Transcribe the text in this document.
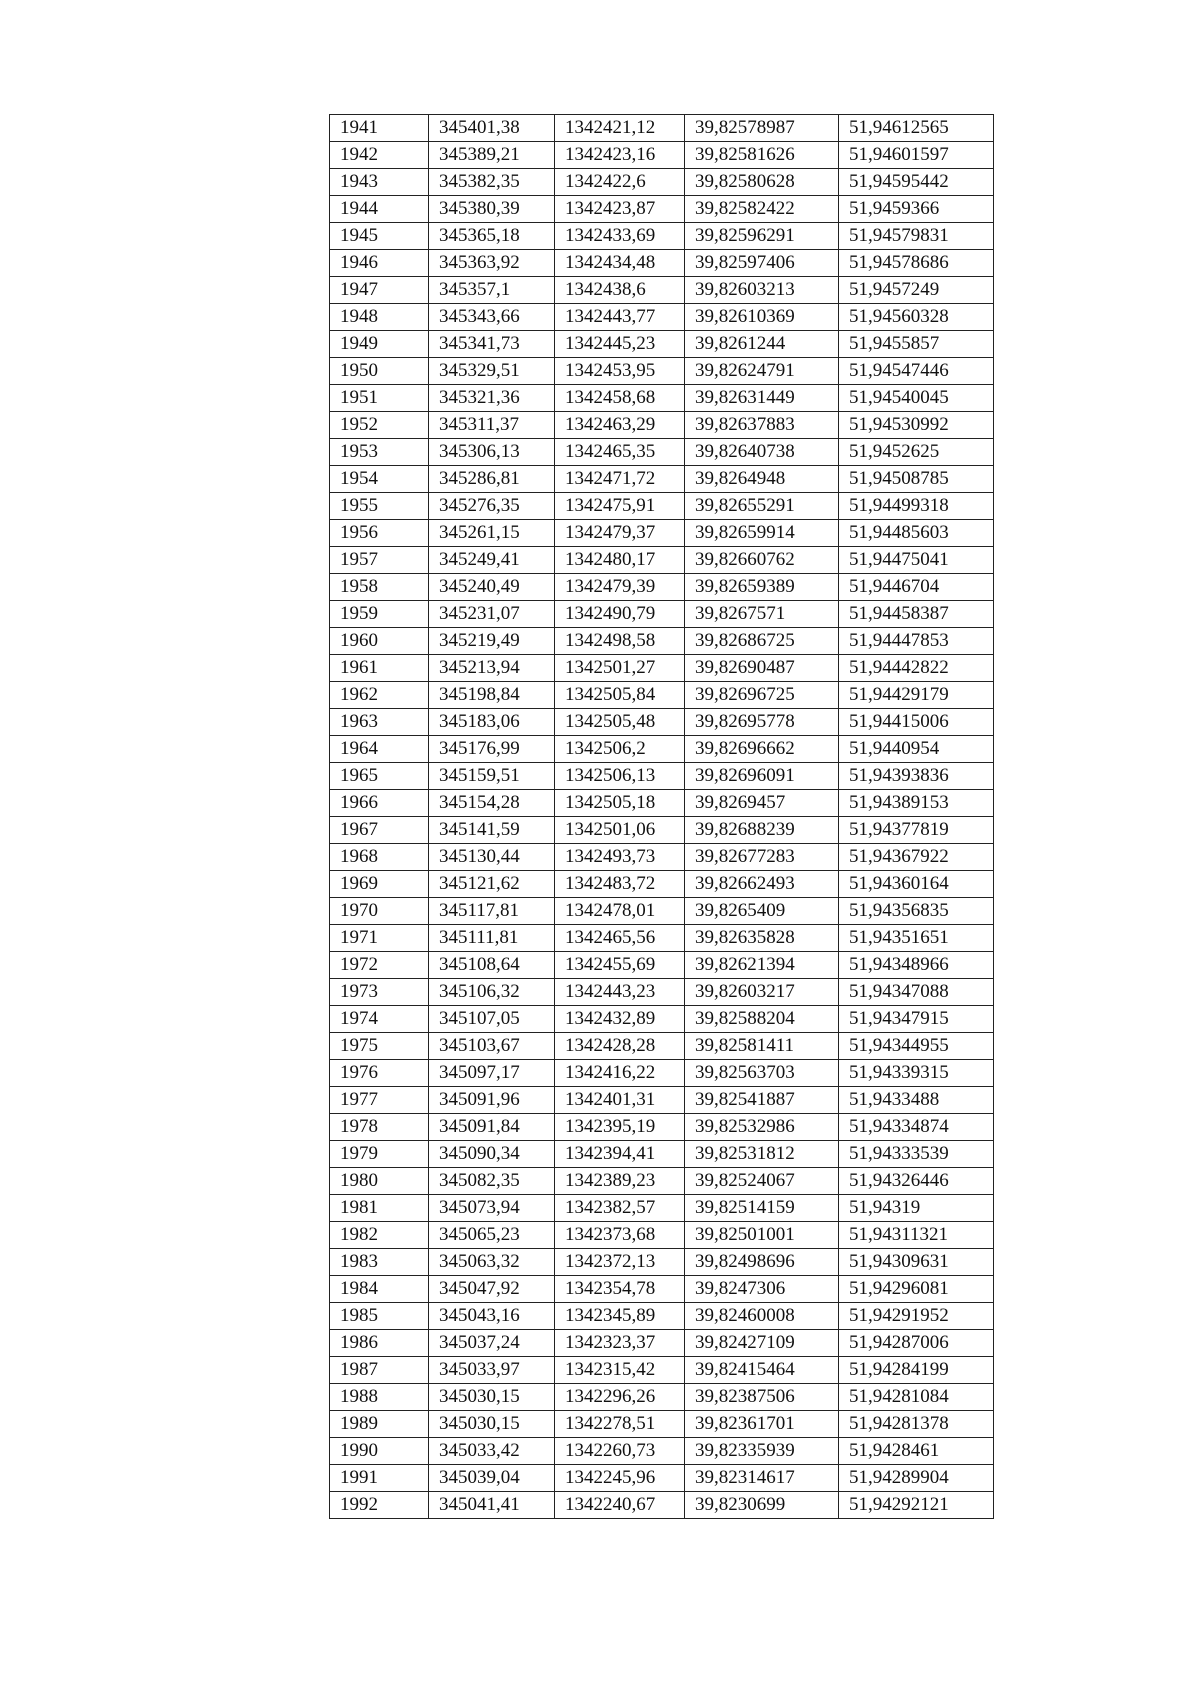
1941	345401,38	1342421,12	39,82578987	51,94612565
1942	345389,21	1342423,16	39,82581626	51,94601597
1943	345382,35	1342422,6	39,82580628	51,94595442
1944	345380,39	1342423,87	39,82582422	51,9459366
1945	345365,18	1342433,69	39,82596291	51,94579831
1946	345363,92	1342434,48	39,82597406	51,94578686
1947	345357,1	1342438,6	39,82603213	51,9457249
1948	345343,66	1342443,77	39,82610369	51,94560328
1949	345341,73	1342445,23	39,8261244	51,9455857
1950	345329,51	1342453,95	39,82624791	51,94547446
1951	345321,36	1342458,68	39,82631449	51,94540045
1952	345311,37	1342463,29	39,82637883	51,94530992
1953	345306,13	1342465,35	39,82640738	51,9452625
1954	345286,81	1342471,72	39,8264948	51,94508785
1955	345276,35	1342475,91	39,82655291	51,94499318
1956	345261,15	1342479,37	39,82659914	51,94485603
1957	345249,41	1342480,17	39,82660762	51,94475041
1958	345240,49	1342479,39	39,82659389	51,9446704
1959	345231,07	1342490,79	39,8267571	51,94458387
1960	345219,49	1342498,58	39,82686725	51,94447853
1961	345213,94	1342501,27	39,82690487	51,94442822
1962	345198,84	1342505,84	39,82696725	51,94429179
1963	345183,06	1342505,48	39,82695778	51,94415006
1964	345176,99	1342506,2	39,82696662	51,9440954
1965	345159,51	1342506,13	39,82696091	51,94393836
1966	345154,28	1342505,18	39,8269457	51,94389153
1967	345141,59	1342501,06	39,82688239	51,94377819
1968	345130,44	1342493,73	39,82677283	51,94367922
1969	345121,62	1342483,72	39,82662493	51,94360164
1970	345117,81	1342478,01	39,8265409	51,94356835
1971	345111,81	1342465,56	39,82635828	51,94351651
1972	345108,64	1342455,69	39,82621394	51,94348966
1973	345106,32	1342443,23	39,82603217	51,94347088
1974	345107,05	1342432,89	39,82588204	51,94347915
1975	345103,67	1342428,28	39,82581411	51,94344955
1976	345097,17	1342416,22	39,82563703	51,94339315
1977	345091,96	1342401,31	39,82541887	51,9433488
1978	345091,84	1342395,19	39,82532986	51,94334874
1979	345090,34	1342394,41	39,82531812	51,94333539
1980	345082,35	1342389,23	39,82524067	51,94326446
1981	345073,94	1342382,57	39,82514159	51,94319
1982	345065,23	1342373,68	39,82501001	51,94311321
1983	345063,32	1342372,13	39,82498696	51,94309631
1984	345047,92	1342354,78	39,8247306	51,94296081
1985	345043,16	1342345,89	39,82460008	51,94291952
1986	345037,24	1342323,37	39,82427109	51,94287006
1987	345033,97	1342315,42	39,82415464	51,94284199
1988	345030,15	1342296,26	39,82387506	51,94281084
1989	345030,15	1342278,51	39,82361701	51,94281378
1990	345033,42	1342260,73	39,82335939	51,9428461
1991	345039,04	1342245,96	39,82314617	51,94289904
1992	345041,41	1342240,67	39,8230699	51,94292121
